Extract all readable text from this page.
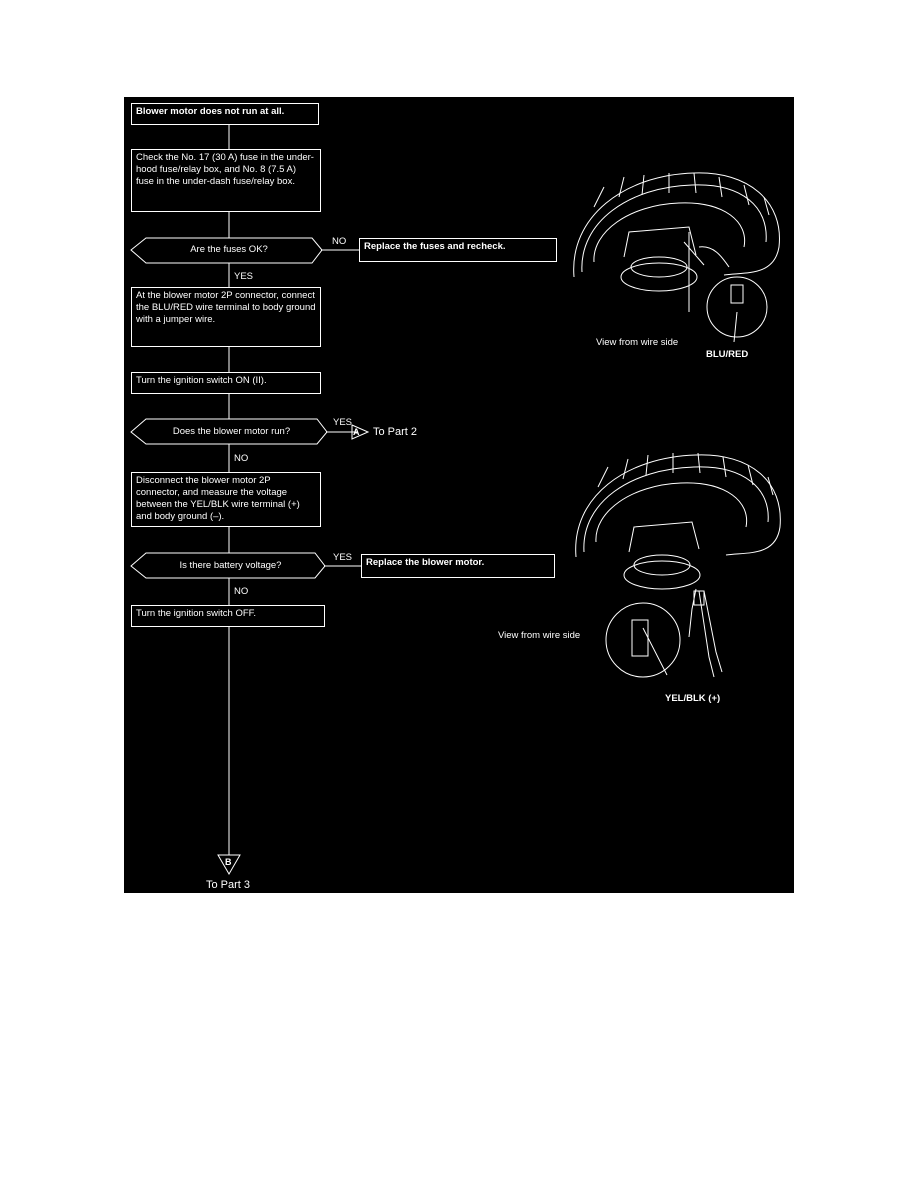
Blower motor does not run at all.
Check the No. 17 (30 A) fuse in the under-hood fuse/relay box, and No. 8 (7.5 A) fuse in the under-dash fuse/relay box.
Are the fuses OK?
NO	Replace the fuses and recheck.
YES
At the blower motor 2P connector, connect the BLU/RED wire terminal to body ground with a jumper wire.
Turn the ignition switch ON (II).
Does the blower motor run?
YES
A To Part 2
NO
Disconnect the blower motor 2P connector, and measure the voltage between the YEL/BLK wire terminal (+) and body ground (–).
Is there battery voltage?
YES	Replace the blower motor.
NO
Turn the ignition switch OFF.
B
To Part 3
View from wire side
BLU/RED
View from wire side
YEL/BLK (+)
